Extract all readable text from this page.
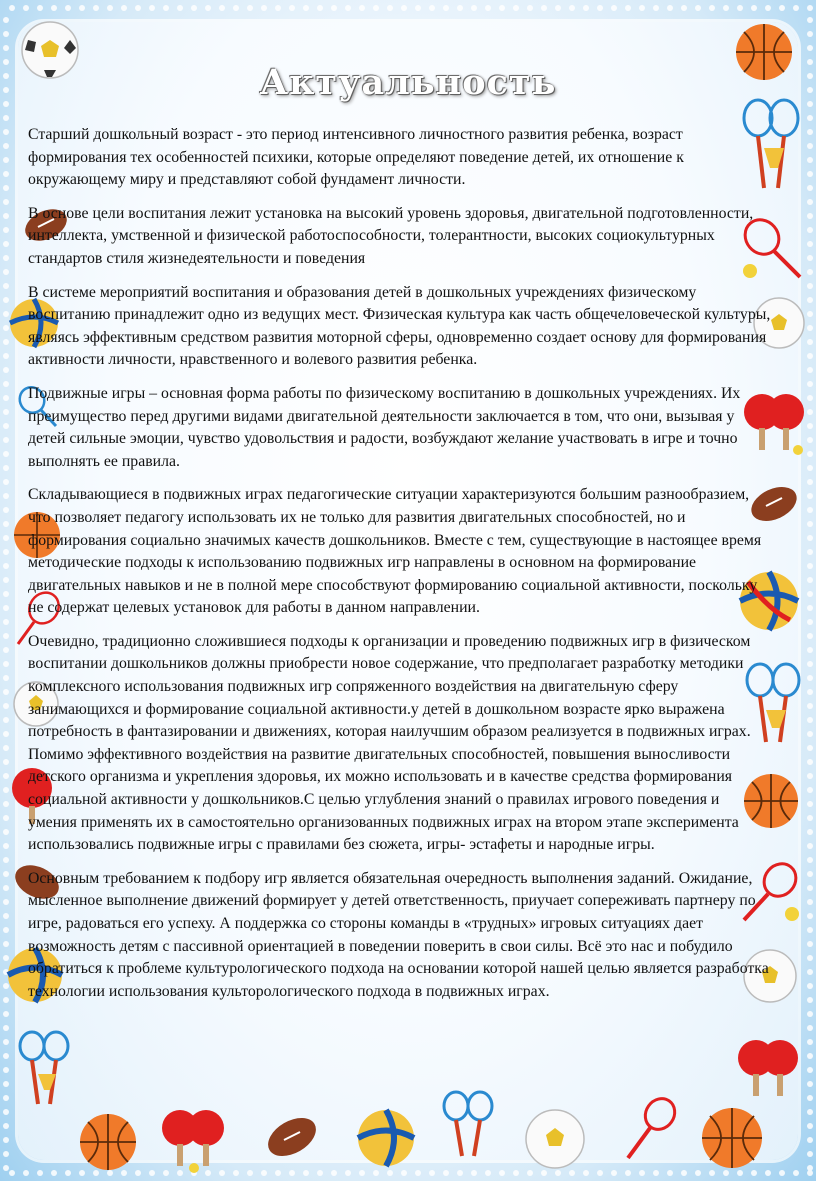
Актуальность

Старший дошкольный возраст - это период интенсивного личностного развития ребенка, возраст формирования тех особенностей психики, которые определяют поведение детей, их отношение к окружающему миру и представляют собой фундамент личности.

В основе цели воспитания лежит установка на высокий уровень здоровья, двигательной подготовленности, интеллекта, умственной и физической работоспособности, толерантности, высоких социокультурных стандартов стиля жизнедеятельности и поведения

В системе мероприятий воспитания и образования детей в дошкольных учреждениях физическому воспитанию принадлежит одно из ведущих мест. Физическая культура как часть общечеловеческой культуры, являясь эффективным средством развития моторной сферы, одновременно создает основу для формирования активности личности, нравственного и волевого развития ребенка.

Подвижные игры – основная форма работы по физическому воспитанию в дошкольных учреждениях. Их преимущество перед другими видами двигательной деятельности заключается в том, что они, вызывая у детей сильные эмоции, чувство удовольствия и радости, возбуждают желание участвовать в игре и точно выполнять ее правила.

Складывающиеся в подвижных играх педагогические ситуации характеризуются большим разнообразием, что позволяет педагогу использовать их не только для развития двигательных способностей, но и формирования социально значимых качеств дошкольников. Вместе с тем, существующие в настоящее время методические подходы к использованию подвижных игр направлены в основном на формирование двигательных навыков и не в полной мере способствуют формированию социальной активности, поскольку не содержат целевых установок для работы в данном направлении.

Очевидно, традиционно сложившиеся подходы к организации и проведению подвижных игр в физическом воспитании дошкольников должны приобрести новое содержание, что предполагает разработку методики комплексного использования подвижных игр сопряженного воздействия на двигательную сферу занимающихся и формирование социальной активности.у детей в дошкольном возрасте ярко выражена потребность в фантазировании и движениях, которая наилучшим образом реализуется в подвижных играх. Помимо эффективного воздействия на развитие двигательных способностей, повышения выносливости детского организма и укрепления здоровья, их можно использовать и в качестве средства формирования социальной активности у дошкольников.С целью углубления знаний о правилах игрового поведения и умения применять их в самостоятельно организованных подвижных играх на втором этапе эксперимента использовались подвижные игры с правилами без сюжета, игры- эстафеты и народные игры.

Основным требованием к подбору игр является обязательная очередность выполнения заданий. Ожидание, мысленное выполнение движений формирует у детей ответственность, приучает сопереживать партнеру по игре, радоваться его успеху. А поддержка со стороны команды в «трудных» игровых ситуациях дает возможность детям с пассивной ориентацией в поведении поверить в свои силы. Всё это нас и побудило обратиться к проблеме культурологического подхода на основании которой нашей целью является разработка технологии использования культорологического подхода в подвижных играх.
